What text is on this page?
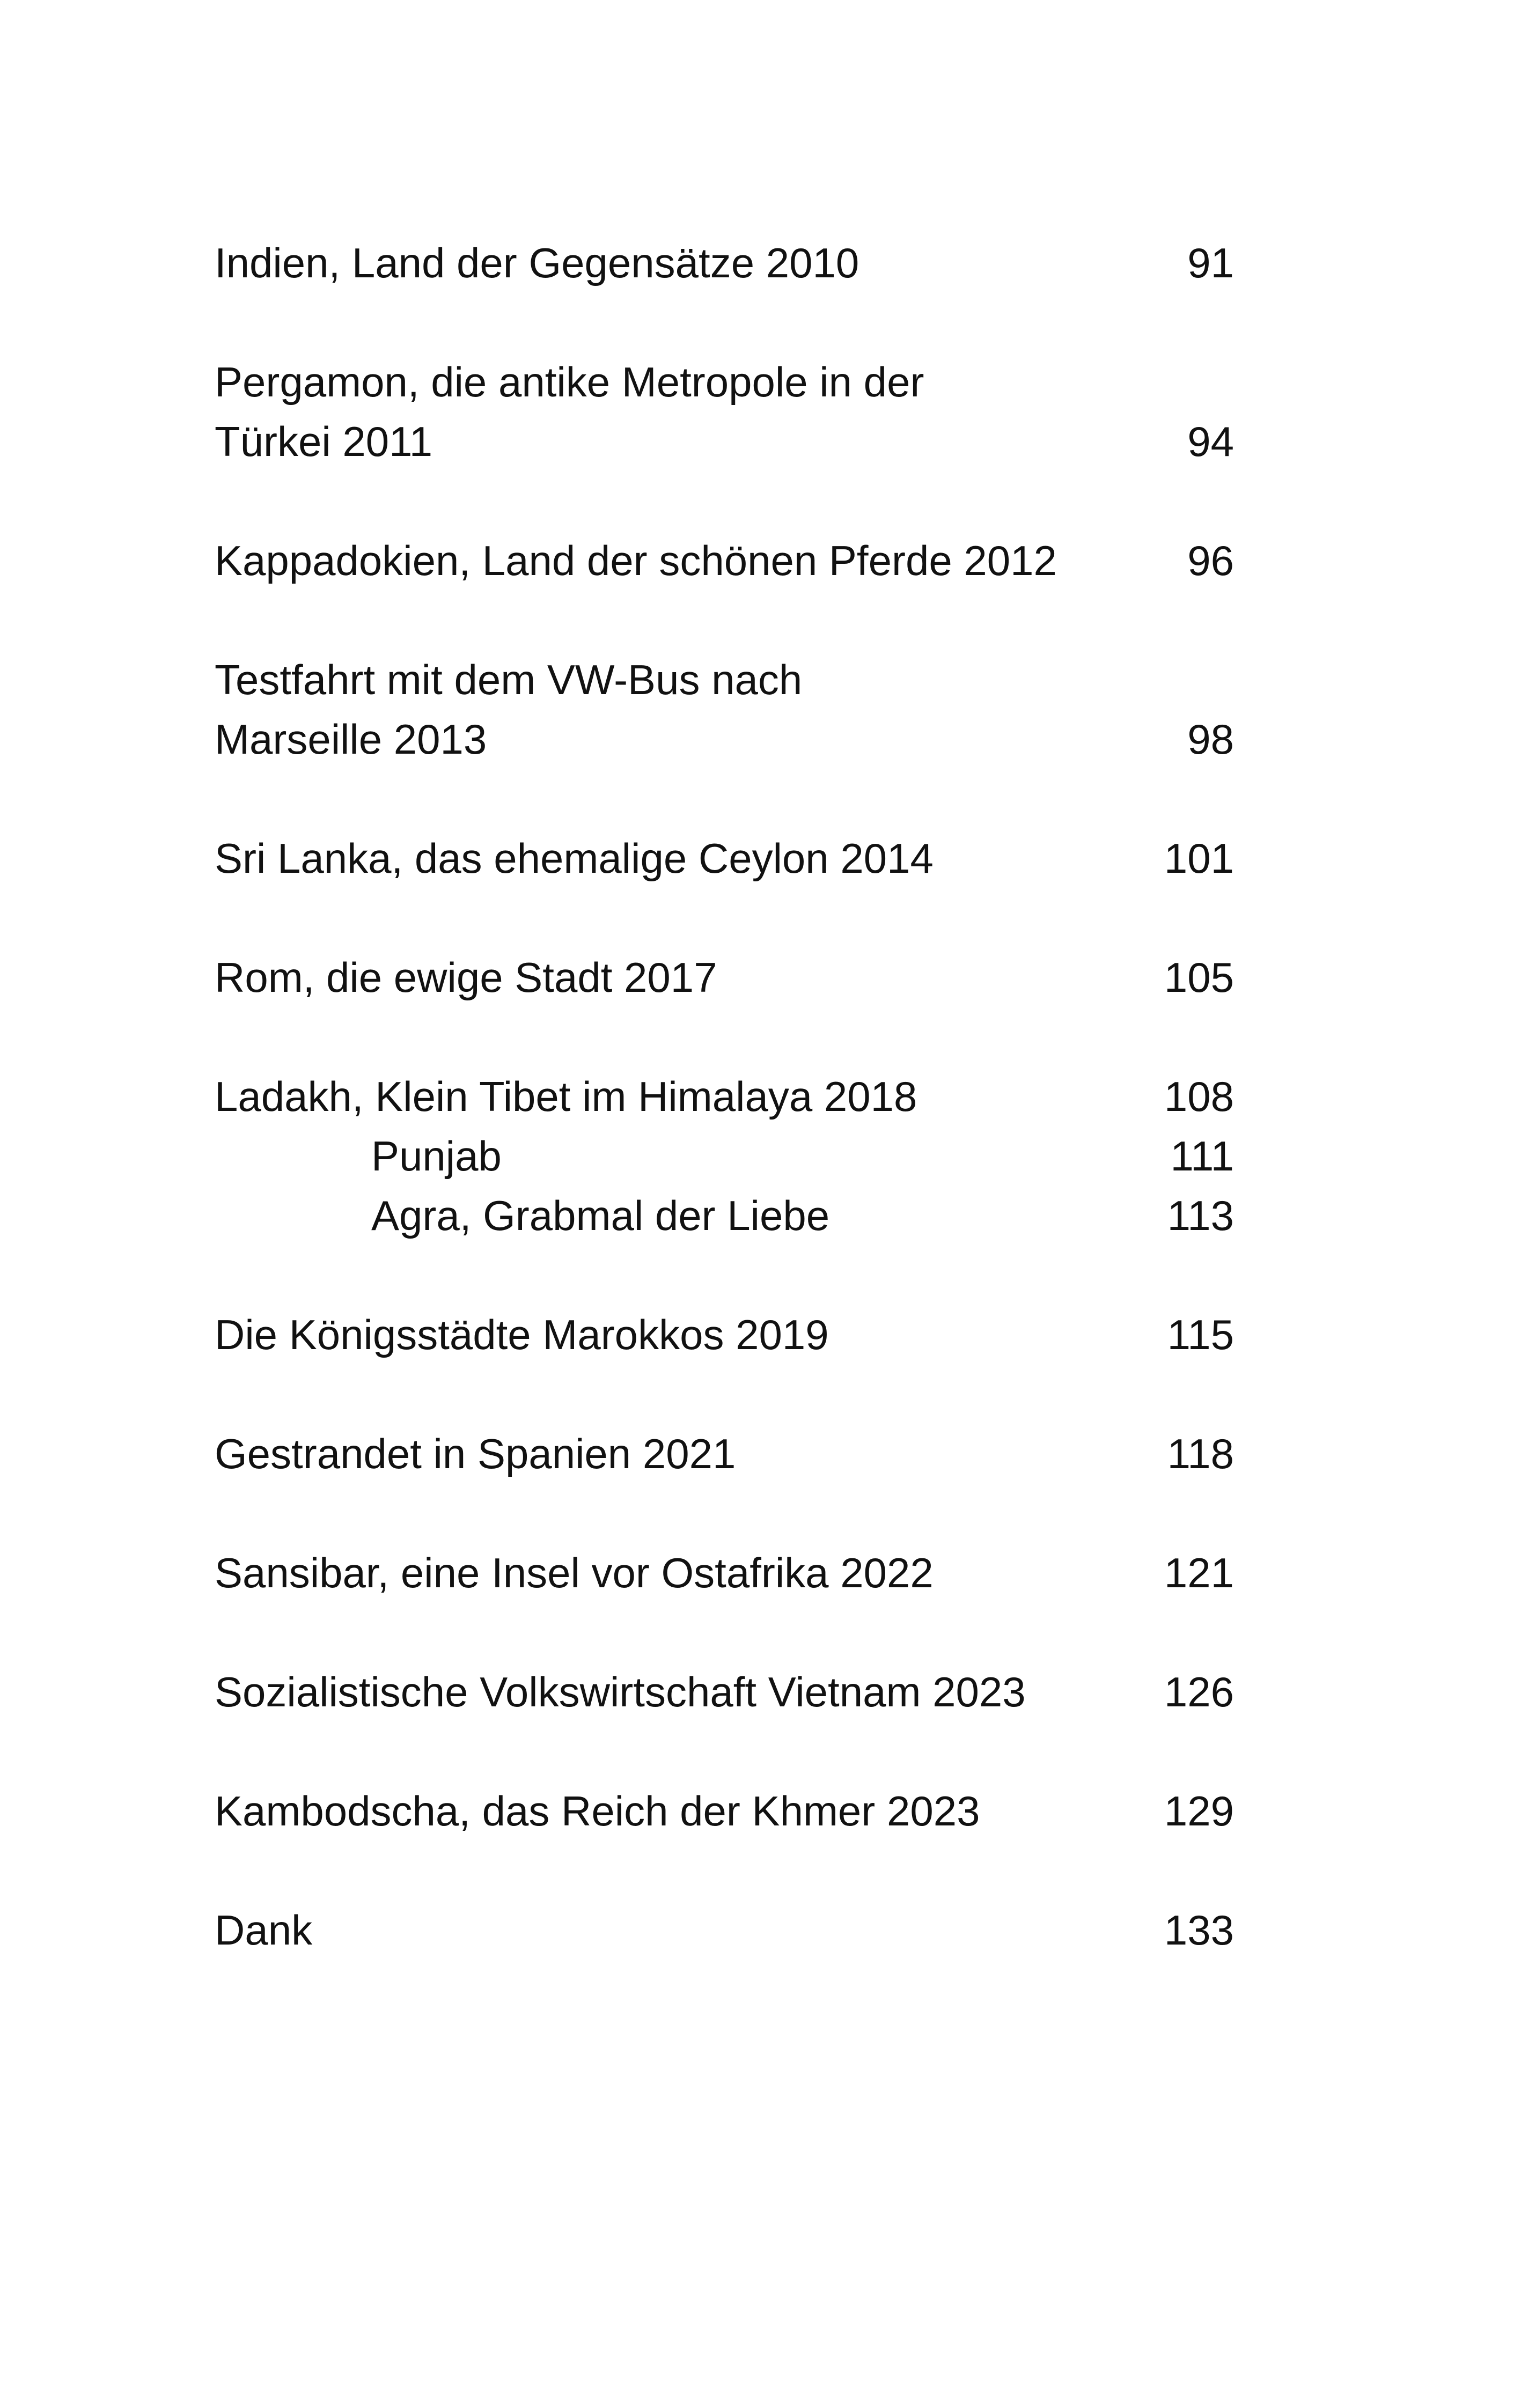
Indien, Land der Gegensätze 2010	91
Pergamon, die antike Metropole in der
Türkei 2011	94
Kappadokien, Land der schönen Pferde 2012	96
Testfahrt mit dem VW-Bus nach
Marseille 2013	98
Sri Lanka, das ehemalige Ceylon 2014	101
Rom, die ewige Stadt 2017	105
Ladakh, Klein Tibet im Himalaya 2018	108
Punjab	111
Agra, Grabmal der Liebe	113
Die Königsstädte Marokkos 2019	115
Gestrandet in Spanien 2021	118
Sansibar, eine Insel vor Ostafrika 2022	121
Sozialistische Volkswirtschaft Vietnam 2023	126
Kambodscha, das Reich der Khmer 2023	129
Dank	133
